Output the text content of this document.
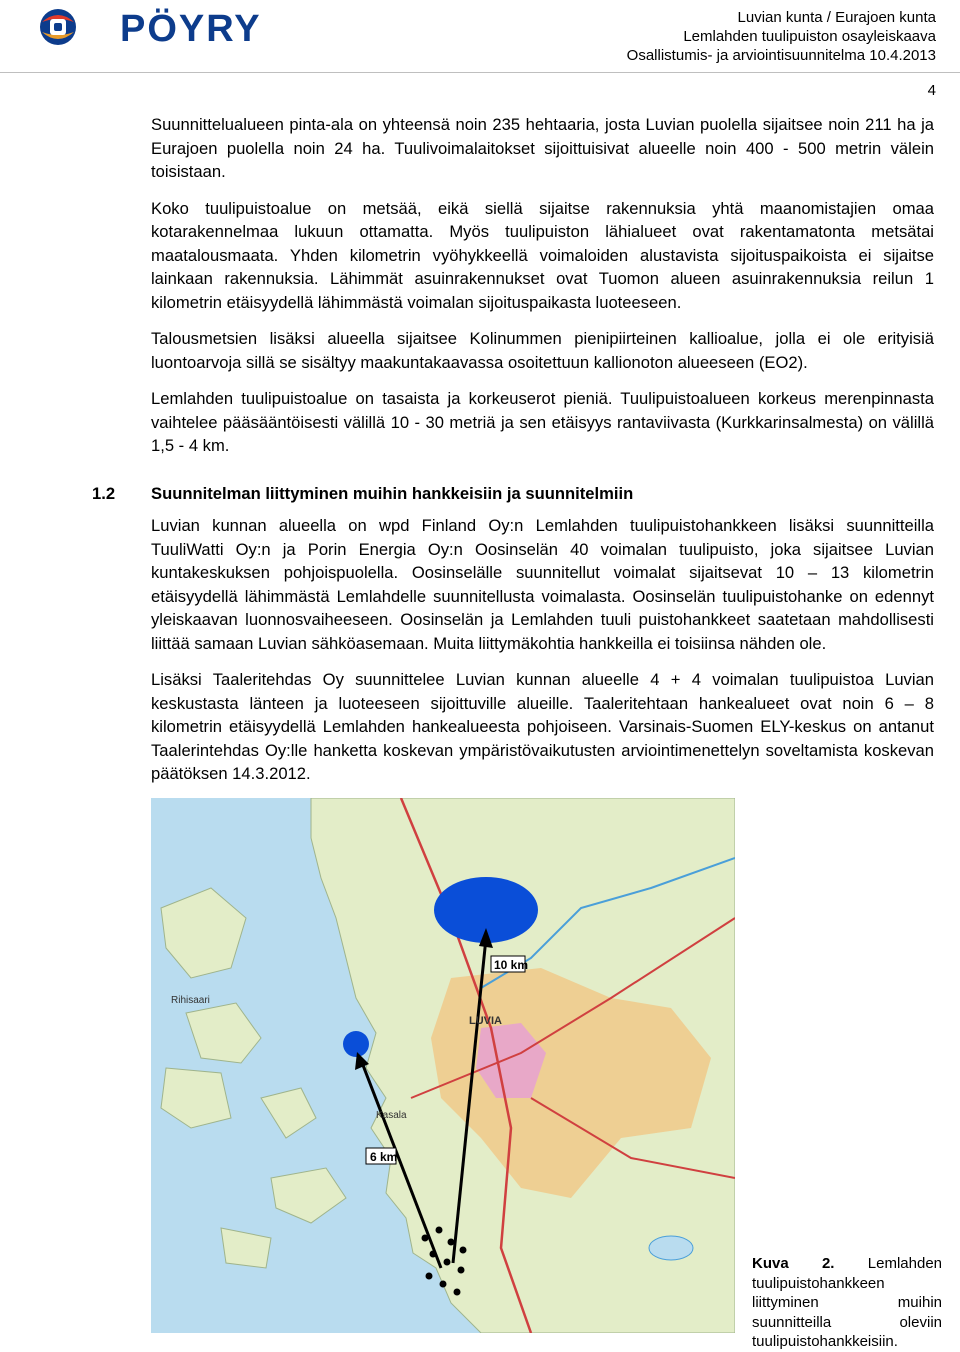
PÖYRY	Luvian kunta / Eurajoen kunta
Lemlahden tuulipuiston osayleiskaava
Osallistumis- ja arviointisuunnitelma 10.4.2013
4

Suunnittelualueen pinta-ala on yhteensä noin 235 hehtaaria, josta Luvian puolella sijaitsee noin 211 ha ja Eurajoen puolella noin 24 ha. Tuulivoimalaitokset sijoittuisivat alueelle noin 400 - 500 metrin välein toisistaan.

Koko tuulipuistoalue on metsää, eikä siellä sijaitse rakennuksia yhtä maanomistajien omaa kotarakennelmaa lukuun ottamatta. Myös tuulipuiston lähialueet ovat rakentamatonta metsätai maatalousmaata. Yhden kilometrin vyöhykkeellä voimaloiden alustavista sijoituspaikoista ei sijaitse lainkaan rakennuksia. Lähimmät asuinrakennukset ovat Tuomon alueen asuinrakennuksia reilun 1 kilometrin etäisyydellä lähimmästä voimalan sijoituspaikasta luoteeseen.

Talousmetsien lisäksi alueella sijaitsee Kolinummen pienipiirteinen kallioalue, jolla ei ole erityisiä luontoarvoja sillä se sisältyy maakuntakaavassa osoitettuun kallionoton alueeseen (EO2).

Lemlahden tuulipuistoalue on tasaista ja korkeuserot pieniä. Tuulipuistoalueen korkeus merenpinnasta vaihtelee pääsääntöisesti välillä 10 - 30 metriä ja sen etäisyys rantaviivasta (Kurkkarinsalmesta) on välillä 1,5 - 4 km.

1.2 Suunnitelman liittyminen muihin hankkeisiin ja suunnitelmiin

Luvian kunnan alueella on wpd Finland Oy:n Lemlahden tuulipuistohankkeen lisäksi suunnitteilla TuuliWatti Oy:n ja Porin Energia Oy:n Oosinselän 40 voimalan tuulipuisto, joka sijaitsee Luvian kuntakeskuksen pohjoispuolella. Oosinselälle suunnitellut voimalat sijaitsevat 10 – 13 kilometrin etäisyydellä lähimmästä Lemlahdelle suunnitellusta voimalasta. Oosinselän tuulipuistohanke on edennyt yleiskaavan luonnosvaiheeseen. Oosinselän ja Lemlahden tuuli puistohankkeet saatetaan mahdollisesti liittää samaan Luvian sähköasemaan. Muita liittymäkohtia hankkeilla ei toisiinsa nähden ole.

Lisäksi Taaleritehdas Oy suunnittelee Luvian kunnan alueelle 4 + 4 voimalan tuulipuistoa Luvian keskustasta länteen ja luoteeseen sijoittuville alueille. Taaleritehtaan hankealueet ovat noin 6 – 8 kilometrin etäisyydellä Lemlahden hankealueesta pohjoiseen. Varsinais-Suomen ELY-keskus on antanut Taalerintehdas Oy:lle hanketta koskevan ympäristövaikutusten arviointimenettelyn soveltamista koskevan päätöksen 14.3.2012.

10 km
6 km
LUVIA
Rihisaari
Kasala
Kuva 2. Lemlahden tuulipuistohankkeen liittyminen muihin suunnitteilla oleviin tuulipuistohankkeisiin.
